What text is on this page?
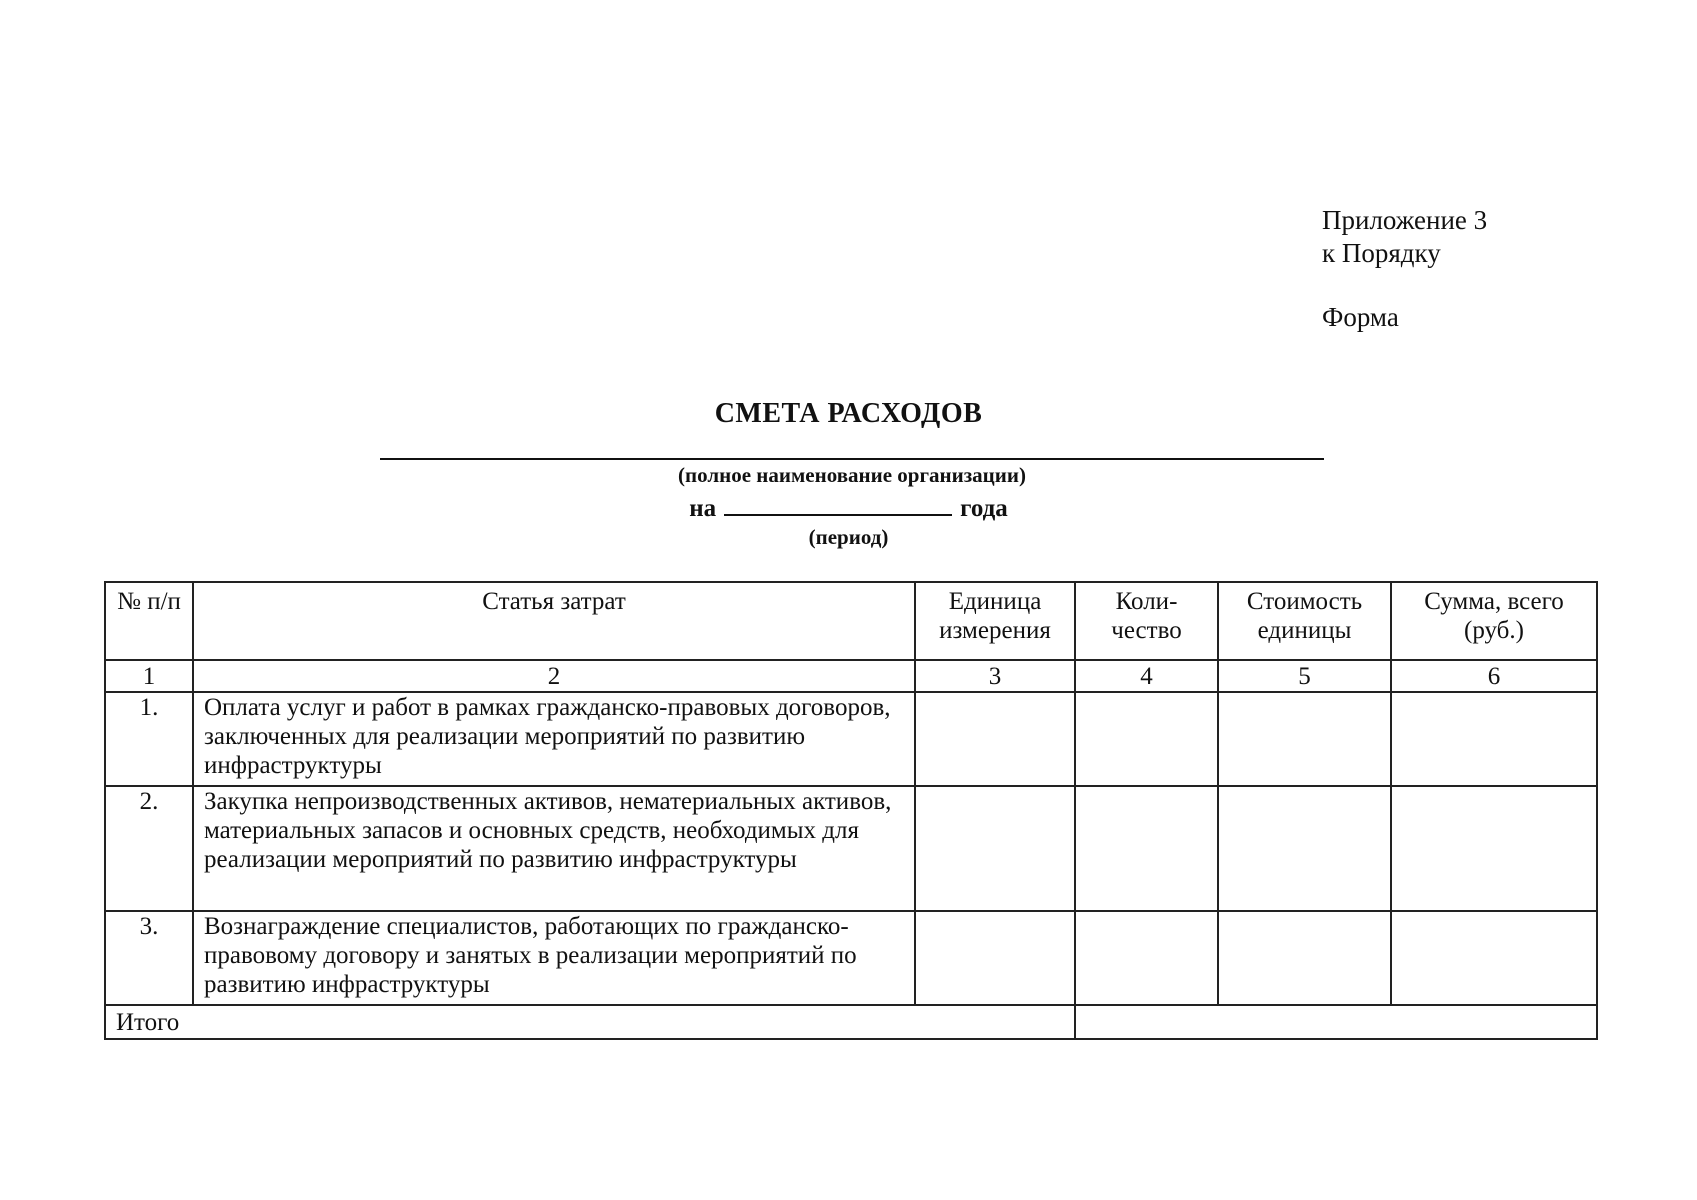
Приложение 3
к Порядку
Форма
СМЕТА РАСХОДОВ
(полное наименование организации)
на	года
(период)
№ п/п	Статья затрат	Единица измерения	Коли-чество	Стоимость единицы	Сумма, всего (руб.)
1	2	3	4	5	6
1.	Оплата услуг и работ в рамках гражданско-правовых договоров, заключенных для реализации мероприятий по развитию инфраструктуры				
2.	Закупка непроизводственных активов, нематериальных активов, материальных запасов и основных средств, необходимых для реализации мероприятий по развитию инфраструктуры				
3.	Вознаграждение специалистов, работающих по гражданско-правовому договору и занятых в реализации мероприятий по развитию инфраструктуры				
Итого					
